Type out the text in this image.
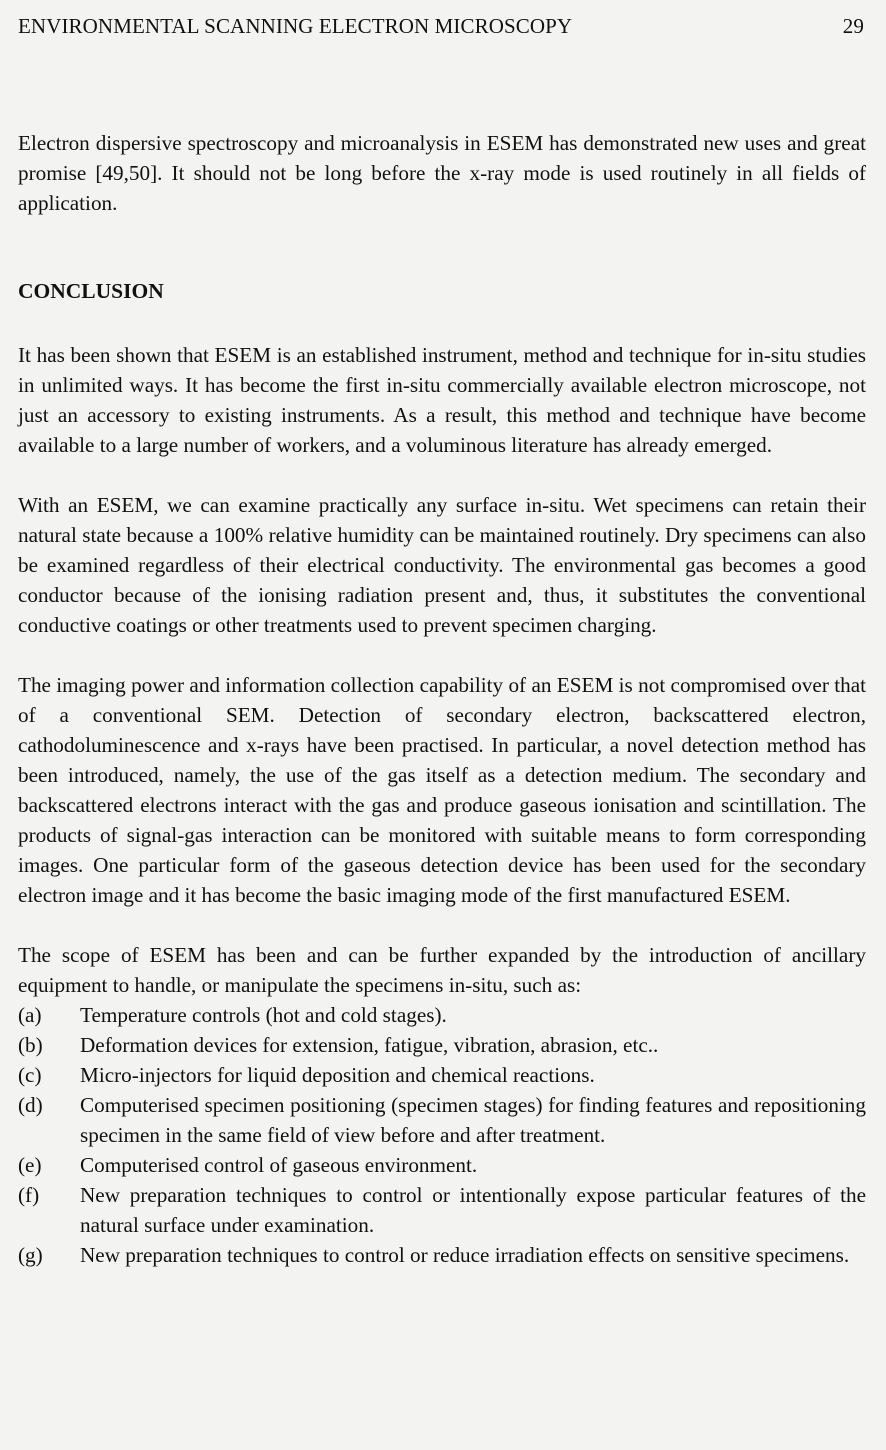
ENVIRONMENTAL SCANNING ELECTRON MICROSCOPY	29

Electron dispersive spectroscopy and microanalysis in ESEM has demonstrated new uses and great promise [49,50]. It should not be long before the x-ray mode is used routinely in all fields of application.

CONCLUSION

It has been shown that ESEM is an established instrument, method and technique for in-situ studies in unlimited ways. It has become the first in-situ commercially available electron microscope, not just an accessory to existing instruments. As a result, this method and technique have become available to a large number of workers, and a voluminous literature has already emerged.

With an ESEM, we can examine practically any surface in-situ. Wet specimens can retain their natural state because a 100% relative humidity can be maintained routinely. Dry specimens can also be examined regardless of their electrical conductivity. The environmental gas becomes a good conductor because of the ionising radiation present and, thus, it substitutes the conventional conductive coatings or other treatments used to prevent specimen charging.

The imaging power and information collection capability of an ESEM is not compromised over that of a conventional SEM. Detection of secondary electron, backscattered electron, cathodoluminescence and x-rays have been practised. In particular, a novel detection method has been introduced, namely, the use of the gas itself as a detection medium. The secondary and backscattered electrons interact with the gas and produce gaseous ionisation and scintillation. The products of signal-gas interaction can be monitored with suitable means to form corresponding images. One particular form of the gaseous detection device has been used for the secondary electron image and it has become the basic imaging mode of the first manufactured ESEM.

The scope of ESEM has been and can be further expanded by the introduction of ancillary equipment to handle, or manipulate the specimens in-situ, such as:

(a)	Temperature controls (hot and cold stages).
(b)	Deformation devices for extension, fatigue, vibration, abrasion, etc..
(c)	Micro-injectors for liquid deposition and chemical reactions.
(d)	Computerised specimen positioning (specimen stages) for finding features and repositioning specimen in the same field of view before and after treatment.
(e)	Computerised control of gaseous environment.
(f)	New preparation techniques to control or intentionally expose particular features of the natural surface under examination.
(g)	New preparation techniques to control or reduce irradiation effects on sensitive specimens.
